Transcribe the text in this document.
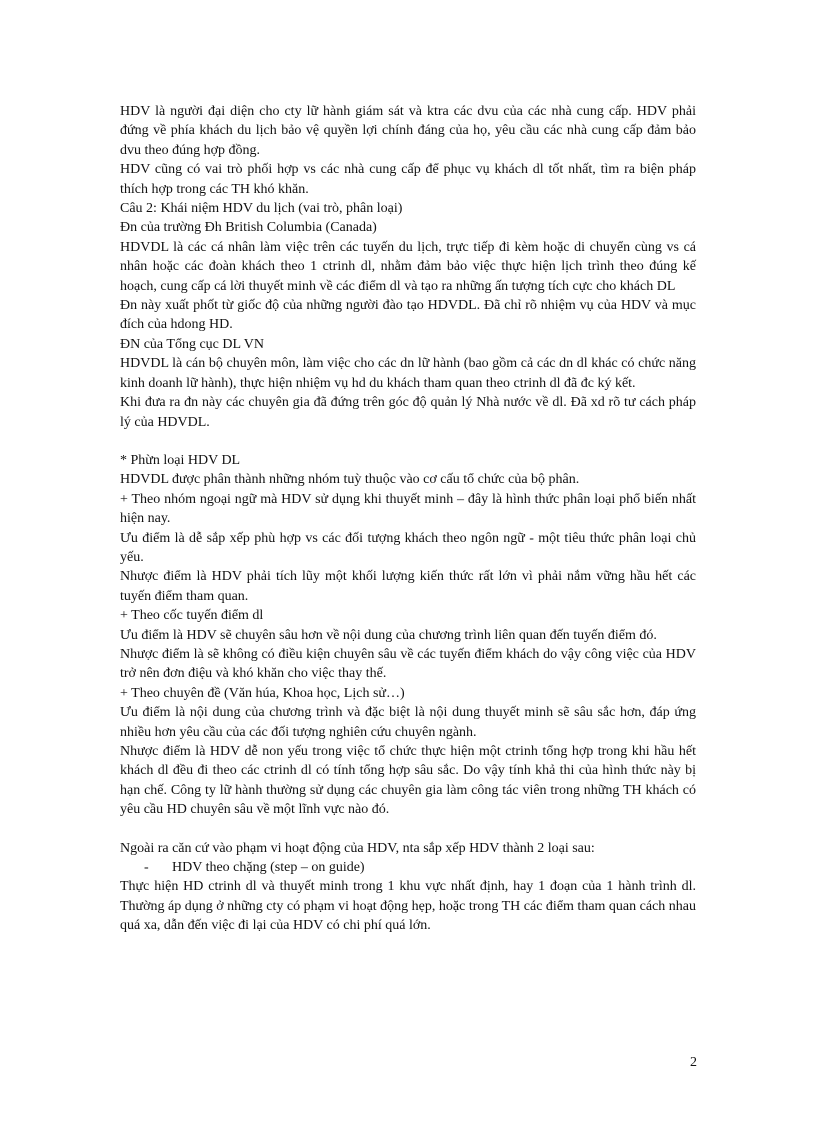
HDV là người đại diện cho cty lữ hành giám sát và ktra các dvu của các nhà cung cấp. HDV phải đứng về phía khách du lịch bảo vệ quyền lợi chính đáng của họ, yêu cầu các nhà cung cấp đảm bảo dvu theo đúng hợp đồng.

HDV cũng có vai trò phối hợp vs các nhà cung cấp để phục vụ khách dl tốt nhất, tìm ra biện pháp thích hợp trong các TH khó khăn.

Câu 2: Khái niệm HDV du lịch (vai trò, phân loại)

Đn của trường Đh British Columbia (Canada)

HDVDL là các cá nhân làm việc trên các tuyến du lịch, trực tiếp đi kèm hoặc di chuyển cùng vs cá nhân hoặc các đoàn khách theo 1 ctrinh dl, nhằm đảm bảo việc thực hiện lịch trình theo đúng kế hoạch, cung cấp cá lời thuyết minh về các điểm dl và tạo ra những ấn tượng tích cực cho khách DL

Đn này xuất phốt từ giốc độ của những người đào tạo HDVDL. Đã chỉ rõ nhiệm vụ của HDV và mục đích của hdong HD.

ĐN của Tổng cục DL VN

HDVDL là cán bộ chuyên môn, làm việc cho các dn lữ hành (bao gồm cả các dn dl khác có chức năng kinh doanh lữ hành), thực hiện nhiệm vụ hd du khách tham quan theo ctrinh dl đã đc ký kết.

Khi đưa ra đn này các chuyên gia đã đứng trên góc độ quản lý Nhà nước về dl. Đã xd rõ tư cách pháp lý của HDVDL.

* Phừn loại HDV DL

HDVDL được phân thành những nhóm tuỳ thuộc vào cơ cấu tổ chức của bộ phân.

+ Theo nhóm ngoại ngữ mà HDV sử dụng khi thuyết minh – đây là hình thức phân loại phổ biến nhất hiện nay.

Ưu điểm là dễ sắp xếp phù hợp vs các đối tượng khách theo ngôn ngữ - một tiêu thức phân loại chủ yếu.

Nhược điểm là HDV phải tích lũy một khối lượng kiến thức rất lớn vì phải nắm vững hầu hết các tuyến điểm tham quan.

+ Theo cốc tuyến điểm dl

Ưu điểm là HDV sẽ chuyên sâu hơn về nội dung của chương trình liên quan đến tuyến điểm đó.

Nhược điểm là sẽ không có điều kiện chuyên sâu về các tuyến điểm khách do vậy công việc của HDV trở nên đơn điệu và khó khăn cho việc thay thế.

+ Theo chuyên đề (Văn húa, Khoa học, Lịch sử…)

Ưu điểm là nội dung của chương trình và đặc biệt là nội dung thuyết minh sẽ sâu sắc hơn, đáp ứng nhiều hơn yêu cầu của các đối tượng nghiên cứu chuyên ngành.

Nhược điểm là HDV dễ non yếu trong việc tổ chức thực hiện một ctrinh tổng hợp trong khi hầu hết khách dl đều đi theo các ctrinh dl có tính tổng hợp sâu sắc. Do vậy tính khả thi của hình thức này bị hạn chế. Công ty lữ hành thường sử dụng các chuyên gia làm công tác viên trong những TH khách có yêu cầu HD chuyên sâu về một lĩnh vực nào đó.

Ngoài ra căn cứ vào phạm vi hoạt động của HDV, nta sắp xếp HDV thành 2 loại sau:

-	HDV theo chặng (step – on guide)

Thực hiện HD ctrinh dl và thuyết minh trong 1 khu vực nhất định, hay 1 đoạn của 1 hành trình dl. Thường áp dụng ở những cty có phạm vi hoạt động hẹp, hoặc trong TH các điểm tham quan cách nhau quá xa, dẫn đến việc đi lại của HDV có chi phí quá lớn.

2
